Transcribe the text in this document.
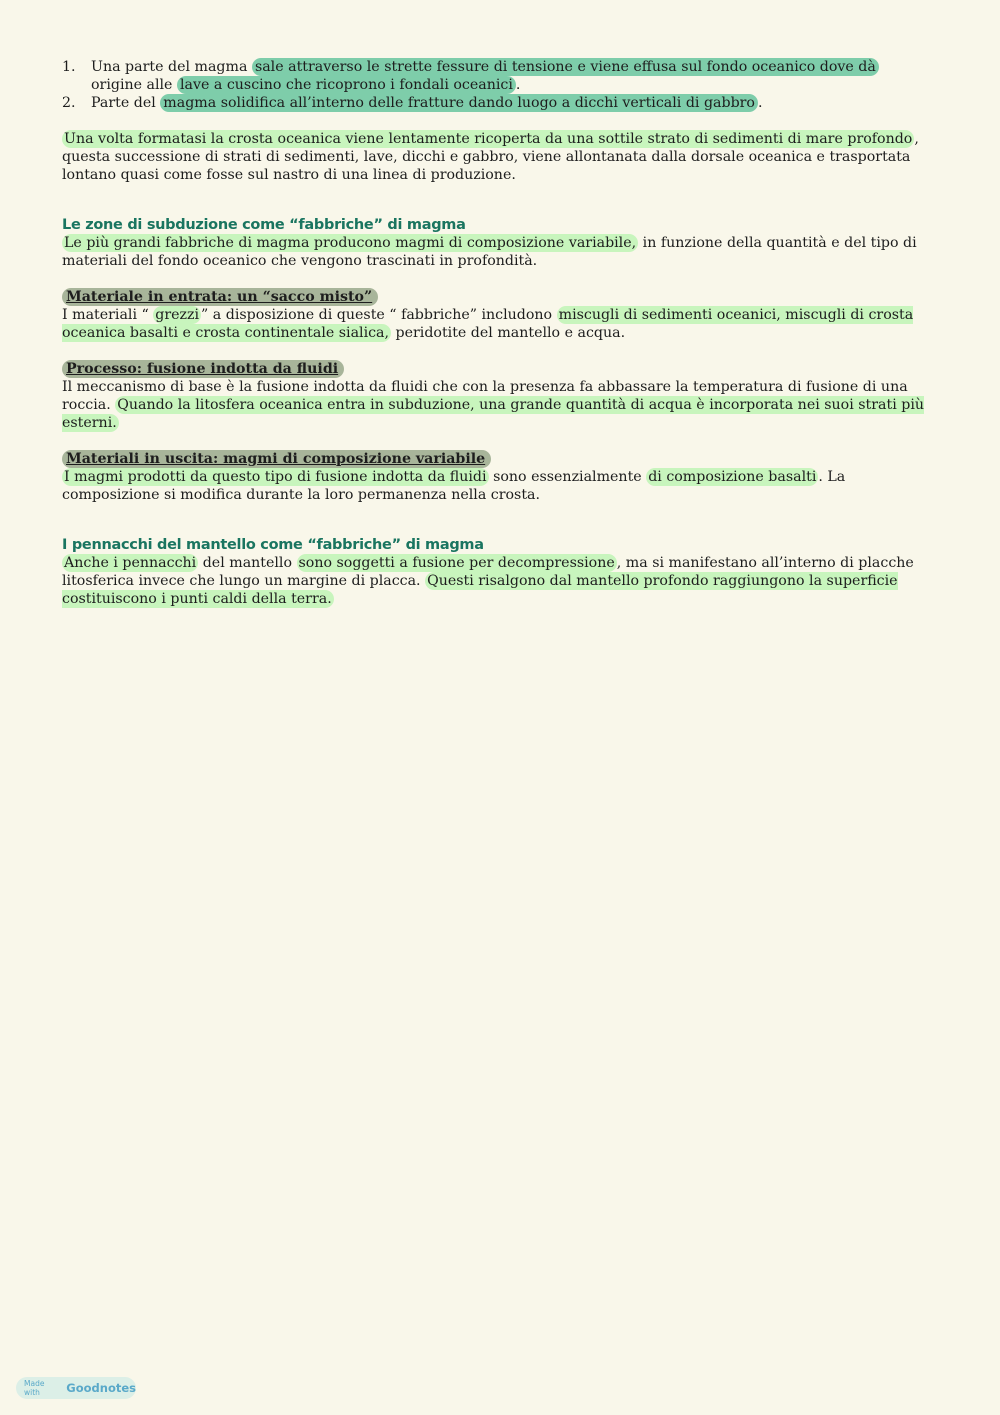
1.	Una parte del magma sale attraverso le strette fessure di tensione e viene effusa sul fondo oceanico dove dà origine alle lave a cuscino che ricoprono i fondali oceanici .
2.	Parte del magma solidifica all’interno delle fratture dando luogo a dicchi verticali di gabbro .

Una volta formatasi la crosta oceanica viene lentamente ricoperta da una sottile strato di sedimenti di mare profondo , questa successione di strati di sedimenti, lave, dicchi e gabbro, viene allontanata dalla dorsale oceanica e trasportata lontano quasi come fosse sul nastro di una linea di produzione.

Le zone di subduzione come “fabbriche” di magma

Le più grandi fabbriche di magma producono magmi di composizione variabile, in funzione della quantità e del tipo di materiali del fondo oceanico che vengono trascinati in profondità.

Materiale in entrata: un “sacco misto”

I materiali “ grezzi ” a disposizione di queste “ fabbriche” includono miscugli di sedimenti oceanici, miscugli di crosta oceanica basalti e crosta continentale sialica, peridotite del mantello e acqua.

Processo: fusione indotta da fluidi

Il meccanismo di base è la fusione indotta da fluidi che con la presenza fa abbassare la temperatura di fusione di una roccia. Quando la litosfera oceanica entra in subduzione, una grande quantità di acqua è incorporata nei suoi strati più esterni.

Materiali in uscita: magmi di composizione variabile

I magmi prodotti da questo tipo di fusione indotta da fluidi sono essenzialmente di composizione basalti . La composizione si modifica durante la loro permanenza nella crosta.

I pennacchi del mantello come “fabbriche” di magma

Anche i pennacchi del mantello sono soggetti a fusione per decompressione , ma si manifestano all’interno di placche litosferica invece che lungo un margine di placca. Questi risalgono dal mantello profondo raggiungono la superficie costituiscono i punti caldi della terra.

Made with	Goodnotes
